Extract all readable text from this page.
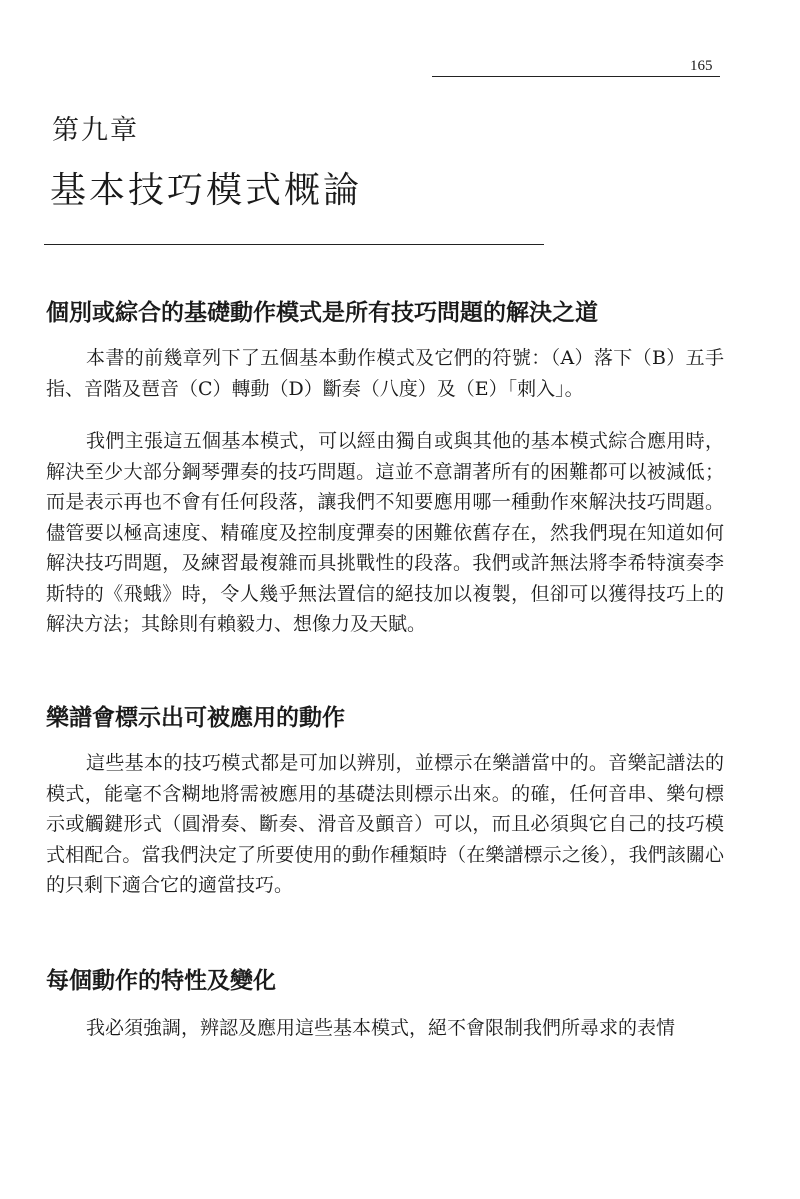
165
第九章
基本技巧模式概論
個別或綜合的基礎動作模式是所有技巧問題的解決之道

本書的前幾章列下了五個基本動作模式及它們的符號：（A）落下（B）五手指、音階及琶音（C）轉動（D）斷奏（八度）及（E）「刺入」。

我們主張這五個基本模式，可以經由獨自或與其他的基本模式綜合應用時，解決至少大部分鋼琴彈奏的技巧問題。這並不意謂著所有的困難都可以被減低；而是表示再也不會有任何段落，讓我們不知要應用哪一種動作來解決技巧問題。儘管要以極高速度、精確度及控制度彈奏的困難依舊存在，然我們現在知道如何解決技巧問題，及練習最複雜而具挑戰性的段落。我們或許無法將李希特演奏李斯特的《飛蛾》時，令人幾乎無法置信的絕技加以複製，但卻可以獲得技巧上的解決方法；其餘則有賴毅力、想像力及天賦。

樂譜會標示出可被應用的動作

這些基本的技巧模式都是可加以辨別，並標示在樂譜當中的。音樂記譜法的模式，能毫不含糊地將需被應用的基礎法則標示出來。的確，任何音串、樂句標示或觸鍵形式（圓滑奏、斷奏、滑音及顫音）可以，而且必須與它自己的技巧模式相配合。當我們決定了所要使用的動作種類時（在樂譜標示之後），我們該關心的只剩下適合它的適當技巧。

每個動作的特性及變化

我必須強調，辨認及應用這些基本模式，絕不會限制我們所尋求的表情
